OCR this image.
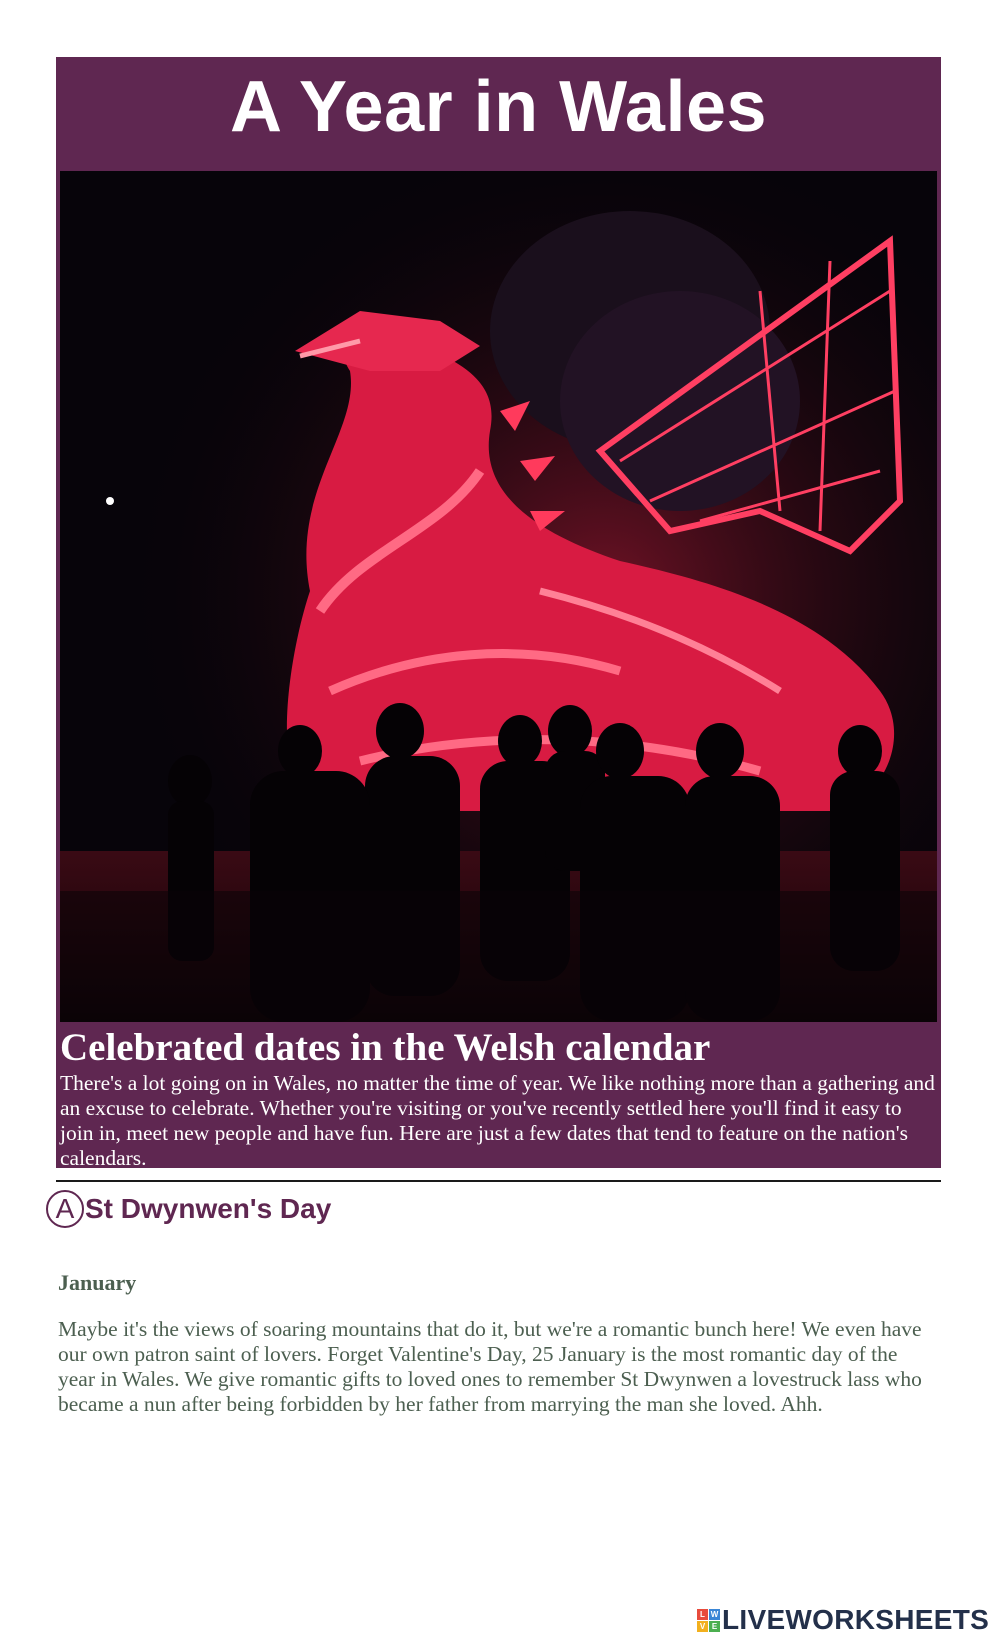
A Year in Wales
Celebrated dates in the Welsh calendar

There's a lot going on in Wales, no matter the time of year. We like nothing more than a gathering and an excuse to celebrate. Whether you're visiting or you've recently settled here you'll find it easy to join in, meet new people and have fun. Here are just a few dates that tend to feature on the nation's calendars.

A St Dwynwen's Day

January

Maybe it's the views of soaring mountains that do it, but we're a romantic bunch here! We even have our own patron saint of lovers. Forget Valentine's Day, 25 January is the most romantic day of the year in Wales. We give romantic gifts to loved ones to remember St Dwynwen a lovestruck lass who became a nun after being forbidden by her father from marrying the man she loved. Ahh.

L W
V E LIVEWORKSHEETS
